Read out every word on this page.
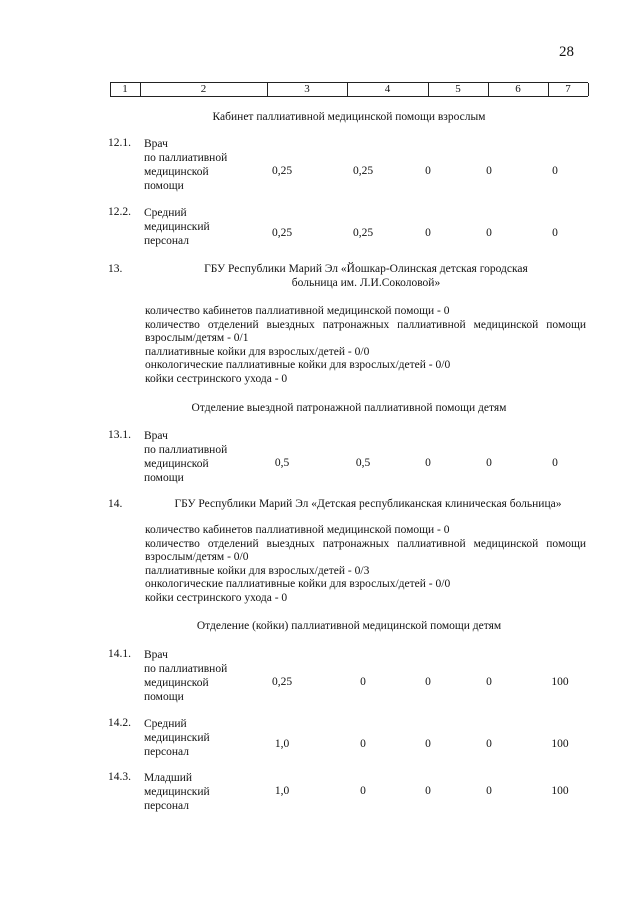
28
1	2	3	4	5	6	7
Кабинет паллиативной медицинской помощи взрослым
12.1. Врач
по паллиативной
медицинской
помощи
0,25	0,25	0	0	0
12.2. Средний
медицинский
персонал
0,25	0,25	0	0	0
13.	ГБУ Республики Марий Эл «Йошкар-Олинская детская городская
больница им. Л.И.Соколовой»
количество кабинетов паллиативной медицинской помощи - 0
количество отделений выездных патронажных паллиативной медицинской помощи
взрослым/детям - 0/1
паллиативные койки для взрослых/детей - 0/0
онкологические паллиативные койки для взрослых/детей - 0/0
койки сестринского ухода - 0
Отделение выездной патронажной паллиативной помощи детям
13.1. Врач
по паллиативной
медицинской
помощи
0,5	0,5	0	0	0
14.	ГБУ Республики Марий Эл «Детская республиканская клиническая больница»
количество кабинетов паллиативной медицинской помощи - 0
количество отделений выездных патронажных паллиативной медицинской помощи
взрослым/детям - 0/0
паллиативные койки для взрослых/детей - 0/3
онкологические паллиативные койки для взрослых/детей - 0/0
койки сестринского ухода - 0
Отделение (койки) паллиативной медицинской помощи детям
14.1. Врач
по паллиативной
медицинской
помощи
0,25	0	0	0	100
14.2. Средний
медицинский
персонал
1,0	0	0	0	100
14.3. Младший
медицинский
персонал
1,0	0	0	0	100
